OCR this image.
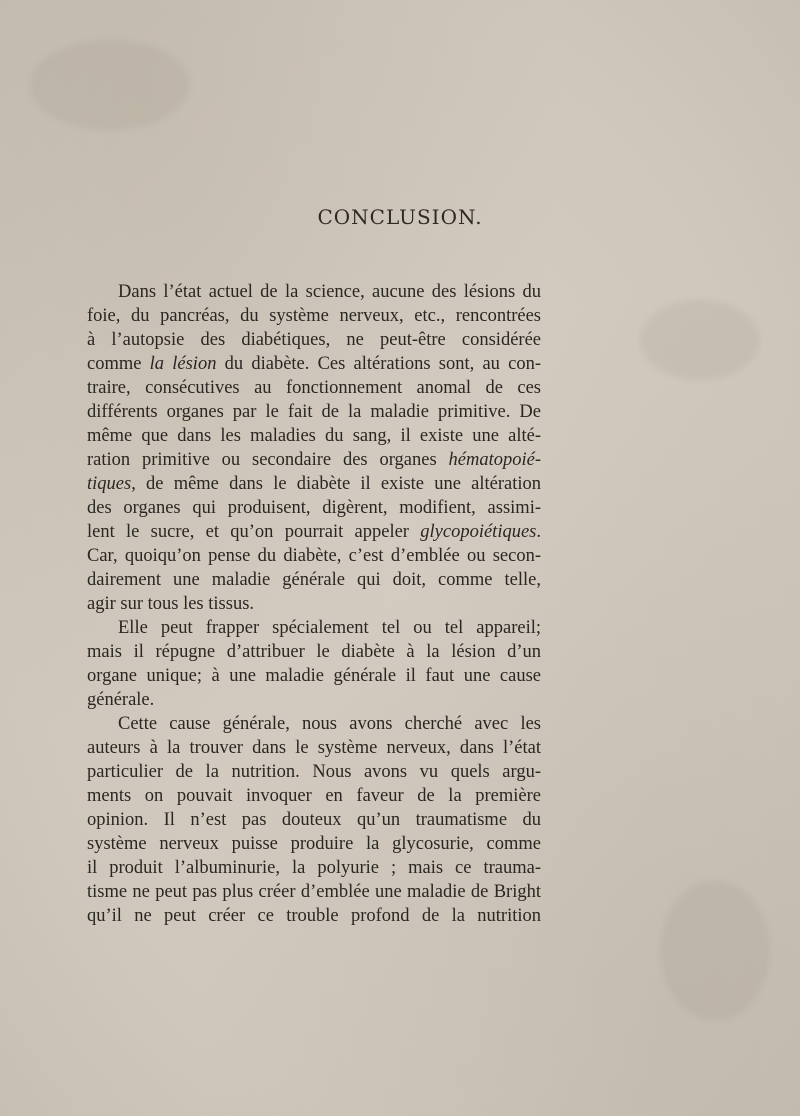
CONCLUSION.
Dans l’état actuel de la science, aucune des lésions du
foie, du pancréas, du système nerveux, etc., rencontrées
à l’autopsie des diabétiques, ne peut-être considérée
comme la lésion du diabète. Ces altérations sont, au con-
traire, consécutives au fonctionnement anomal de ces
différents organes par le fait de la maladie primitive. De
même que dans les maladies du sang, il existe une alté-
ration primitive ou secondaire des organes hématopoié-
tiques, de même dans le diabète il existe une altération
des organes qui produisent, digèrent, modifient, assimi-
lent le sucre, et qu’on pourrait appeler glycopoiétiques.
Car, quoiqu’on pense du diabète, c’est d’emblée ou secon-
dairement une maladie générale qui doit, comme telle,
agir sur tous les tissus.
Elle peut frapper spécialement tel ou tel appareil;
mais il répugne d’attribuer le diabète à la lésion d’un
organe unique; à une maladie générale il faut une cause
générale.
Cette cause générale, nous avons cherché avec les
auteurs à la trouver dans le système nerveux, dans l’état
particulier de la nutrition. Nous avons vu quels argu-
ments on pouvait invoquer en faveur de la première
opinion. Il n’est pas douteux qu’un traumatisme du
système nerveux puisse produire la glycosurie, comme
il produit l’albuminurie, la polyurie ; mais ce trauma-
tisme ne peut pas plus créer d’emblée une maladie de Bright
qu’il ne peut créer ce trouble profond de la nutrition
